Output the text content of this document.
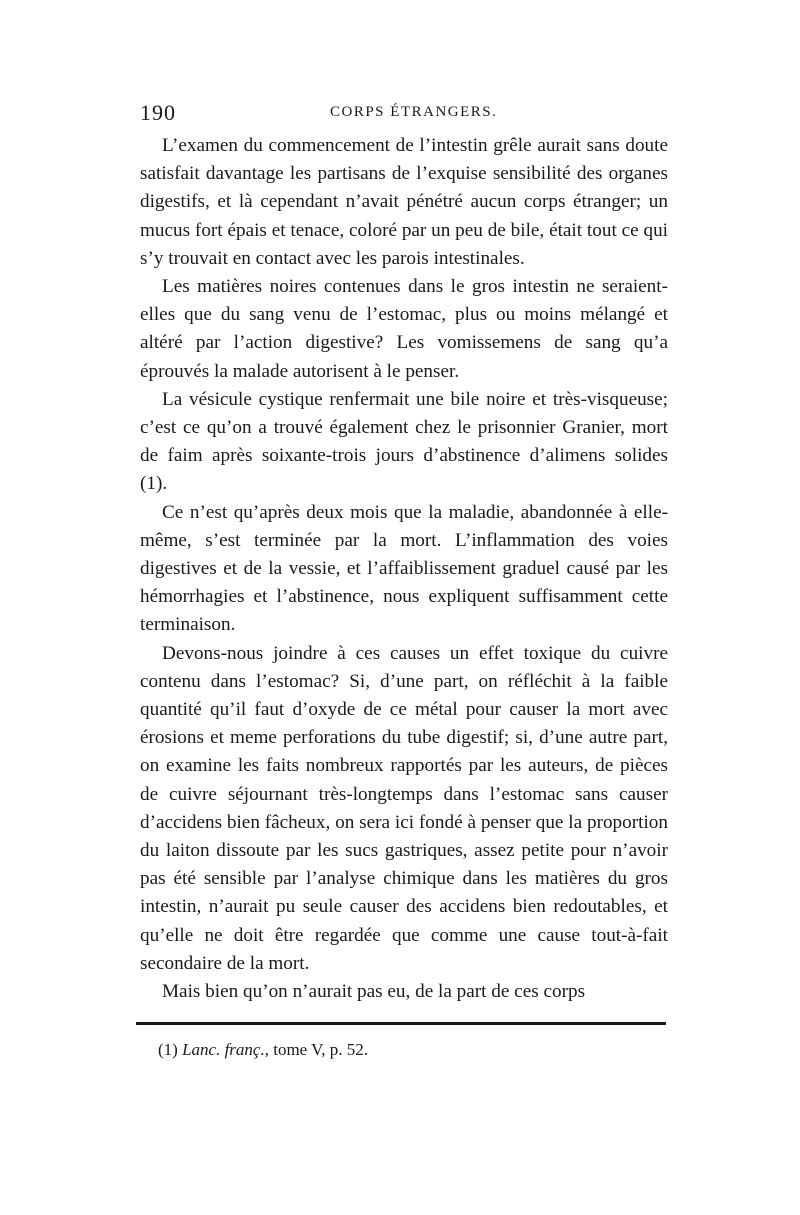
190	CORPS ÉTRANGERS.

L’examen du commencement de l’intestin grêle aurait sans doute satisfait davantage les partisans de l’exquise sensibilité des organes digestifs, et là cependant n’avait pénétré aucun corps étranger; un mucus fort épais et tenace, coloré par un peu de bile, était tout ce qui s’y trouvait en contact avec les parois intestinales.

Les matières noires contenues dans le gros intestin ne seraient-elles que du sang venu de l’estomac, plus ou moins mélangé et altéré par l’action digestive? Les vomissemens de sang qu’a éprouvés la malade autorisent à le penser.

La vésicule cystique renfermait une bile noire et très-visqueuse; c’est ce qu’on a trouvé également chez le prisonnier Granier, mort de faim après soixante-trois jours d’abstinence d’alimens solides (1).

Ce n’est qu’après deux mois que la maladie, abandonnée à elle-même, s’est terminée par la mort. L’inflammation des voies digestives et de la vessie, et l’affaiblissement graduel causé par les hémorrhagies et l’abstinence, nous expliquent suffisamment cette terminaison.

Devons-nous joindre à ces causes un effet toxique du cuivre contenu dans l’estomac? Si, d’une part, on réfléchit à la faible quantité qu’il faut d’oxyde de ce métal pour causer la mort avec érosions et meme perforations du tube digestif; si, d’une autre part, on examine les faits nombreux rapportés par les auteurs, de pièces de cuivre séjournant très-longtemps dans l’estomac sans causer d’accidens bien fâcheux, on sera ici fondé à penser que la proportion du laiton dissoute par les sucs gastriques, assez petite pour n’avoir pas été sensible par l’analyse chimique dans les matières du gros intestin, n’aurait pu seule causer des accidens bien redoutables, et qu’elle ne doit être regardée que comme une cause tout-à-fait secondaire de la mort.

Mais bien qu’on n’aurait pas eu, de la part de ces corps

(1) Lanc. franç., tome V, p. 52.
